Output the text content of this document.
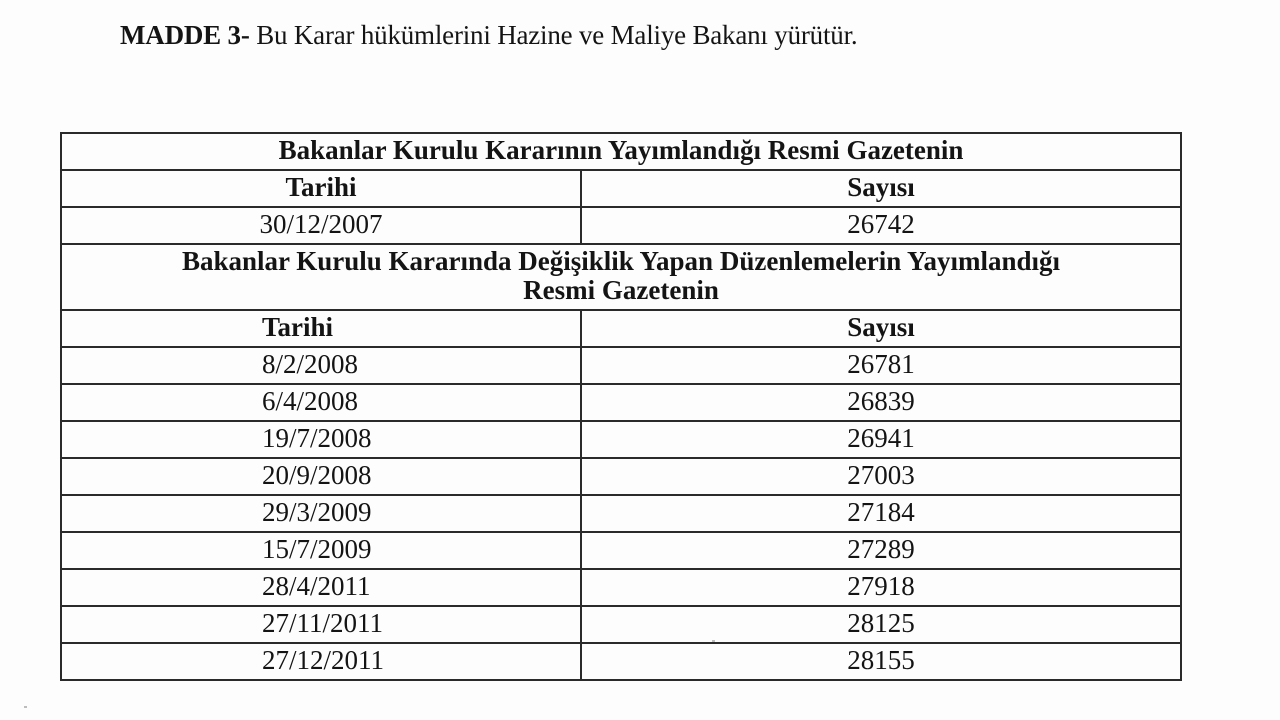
MADDE 3- Bu Karar hükümlerini Hazine ve Maliye Bakanı yürütür.
Bakanlar Kurulu Kararının Yayımlandığı Resmi Gazetenin	
Tarihi	Sayısı
30/12/2007	26742
Bakanlar Kurulu Kararında Değişiklik Yapan Düzenlemelerin Yayımlandığı
Resmi Gazetenin	
Tarihi	Sayısı
8/2/2008	26781
6/4/2008	26839
19/7/2008	26941
20/9/2008	27003
29/3/2009	27184
15/7/2009	27289
28/4/2011	27918
27/11/2011	28125
27/12/2011	28155
